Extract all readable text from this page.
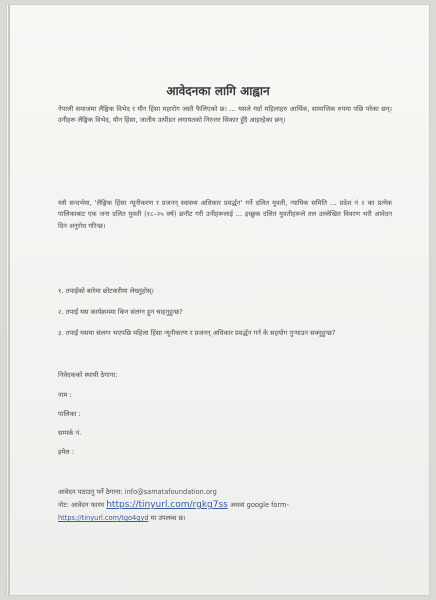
आवेदनका लागि आह्वान
नेपाली समाजमा लैङ्गिक विभेद र यौन हिंसा महारोग जस्तै फैलिएको छ। … यसले गर्दा महिलाहरु आर्थिक, सामाजिक रुपमा पछि परेका छन्। उनीहरू लैङ्गिक विभेद, यौन हिंसा, जातीय उत्पीडन लगायतको निरन्तर सिकार हुँदै आइरहेका छन्।
यसै सन्दर्भमा, 'लैङ्गिक हिंसा न्यूनीकरण र प्रजनन् स्वास्थ्य अधिकार प्रवर्द्धन' गर्ने दलित युवती, न्यायिक समिति … प्रदेश नं २ का प्रत्येक पालिकाबाट एक जना दलित युवती (१८–२५ वर्ष) छनौट गरी उनीहरूलाई … इच्छुक दलित युवतीहरूले तल उल्लेखित विवरण भरी आवेदन दिन अनुरोध गरिन्छ।
१. तपाईंको बारेमा छोटकरीमा लेख्नुहोस्।
२. तपाईं यस कार्यक्रममा किन संलग्न हुन चाहनुहुन्छ?
३. तपाईं यसमा संलग्न भएपछि महिला हिंसा न्यूनीकरण र प्रजनन् अधिकार प्रवर्द्धन गर्न के सहयोग पुऱ्याउन सक्नुहुन्छ?
निवेदकको स्थायी ठेगाना:
नाम :
पालिका :
सम्पर्क नं.
इमेल :
आवेदन पठाउनु पर्ने ठेगाना: info@samatafoundation.org
नोट: आवेदन फारम https://tinyurl.com/rgkg7ss अथवा google form-
https://tinyurl.com/tgo4gyd मा उपलब्ध छ।
